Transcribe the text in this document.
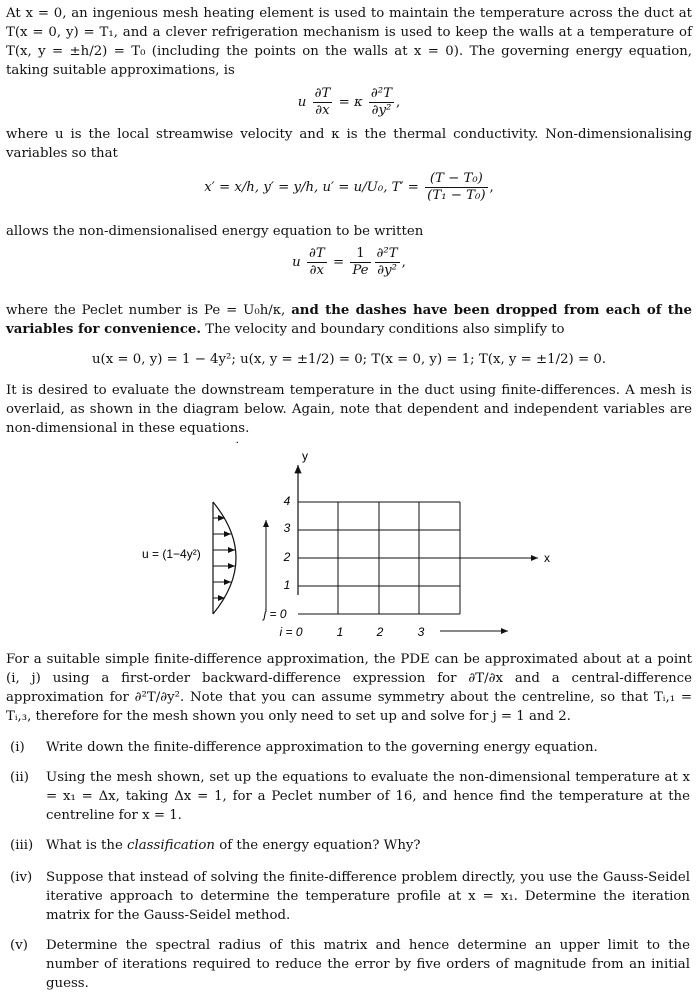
At x = 0, an ingenious mesh heating element is used to maintain the temperature across the duct at T(x = 0, y) = T₁, and a clever refrigeration mechanism is used to keep the walls at a temperature of T(x, y = ±h/2) = T₀ (including the points on the walls at x = 0). The governing energy equation, taking suitable approximations, is

u $\frac{\partial T}{\partial x} = \kappa \frac{\text{∂²T}}{\text{∂y²}}$ ,

where u is the local streamwise velocity and κ is the thermal conductivity. Non-dimensionalising variables so that

x′ = x/h, y′ = y/h, u′ = u/U₀, $T' = \frac{\text{(T − T₀)}}{\text{(T₁ − T₀)}}$ ,

allows the non-dimensionalised energy equation to be written

u $\frac{\partial T}{\partial x} = \frac{1}{Pe} \frac{\text{∂²T}}{\text{∂y²}}$ ,

where the Peclet number is Pe = U₀h/κ, and the dashes have been dropped from each of the variables for convenience. The velocity and boundary conditions also simplify to

u(x = 0, y) = 1 − 4y²; u(x, y = ±1/2) = 0; T(x = 0, y) = 1; T(x, y = ±1/2) = 0.

It is desired to evaluate the downstream temperature in the duct using finite-differences. A mesh is overlaid, as shown in the diagram below. Again, note that dependent and independent variables are non-dimensional in these equations.

˙
y
x
4
3
2
1
j = 0
i = 0	1	2	3
u = (1−4y²)

For a suitable simple finite-difference approximation, the PDE can be approximated about at a point (i, j) using a first-order backward-difference expression for ∂T/∂x and a central-difference approximation for ∂²T/∂y². Note that you can assume symmetry about the centreline, so that Tᵢ,₁ = Tᵢ,₃, therefore for the mesh shown you only need to set up and solve for j = 1 and 2.

(i)	Write down the finite-difference approximation to the governing energy equation.
(ii)	Using the mesh shown, set up the equations to evaluate the non-dimensional temperature at x = x₁ = Δx, taking Δx = 1, for a Peclet number of 16, and hence find the temperature at the centreline for x = 1.
(iii) What is the classification of the energy equation? Why?
(iv)	Suppose that instead of solving the finite-difference problem directly, you use the Gauss-Seidel iterative approach to determine the temperature profile at x = x₁. Determine the iteration matrix for the Gauss-Seidel method.
(v)	Determine the spectral radius of this matrix and hence determine an upper limit to the number of iterations required to reduce the error by five orders of magnitude from an initial guess.
